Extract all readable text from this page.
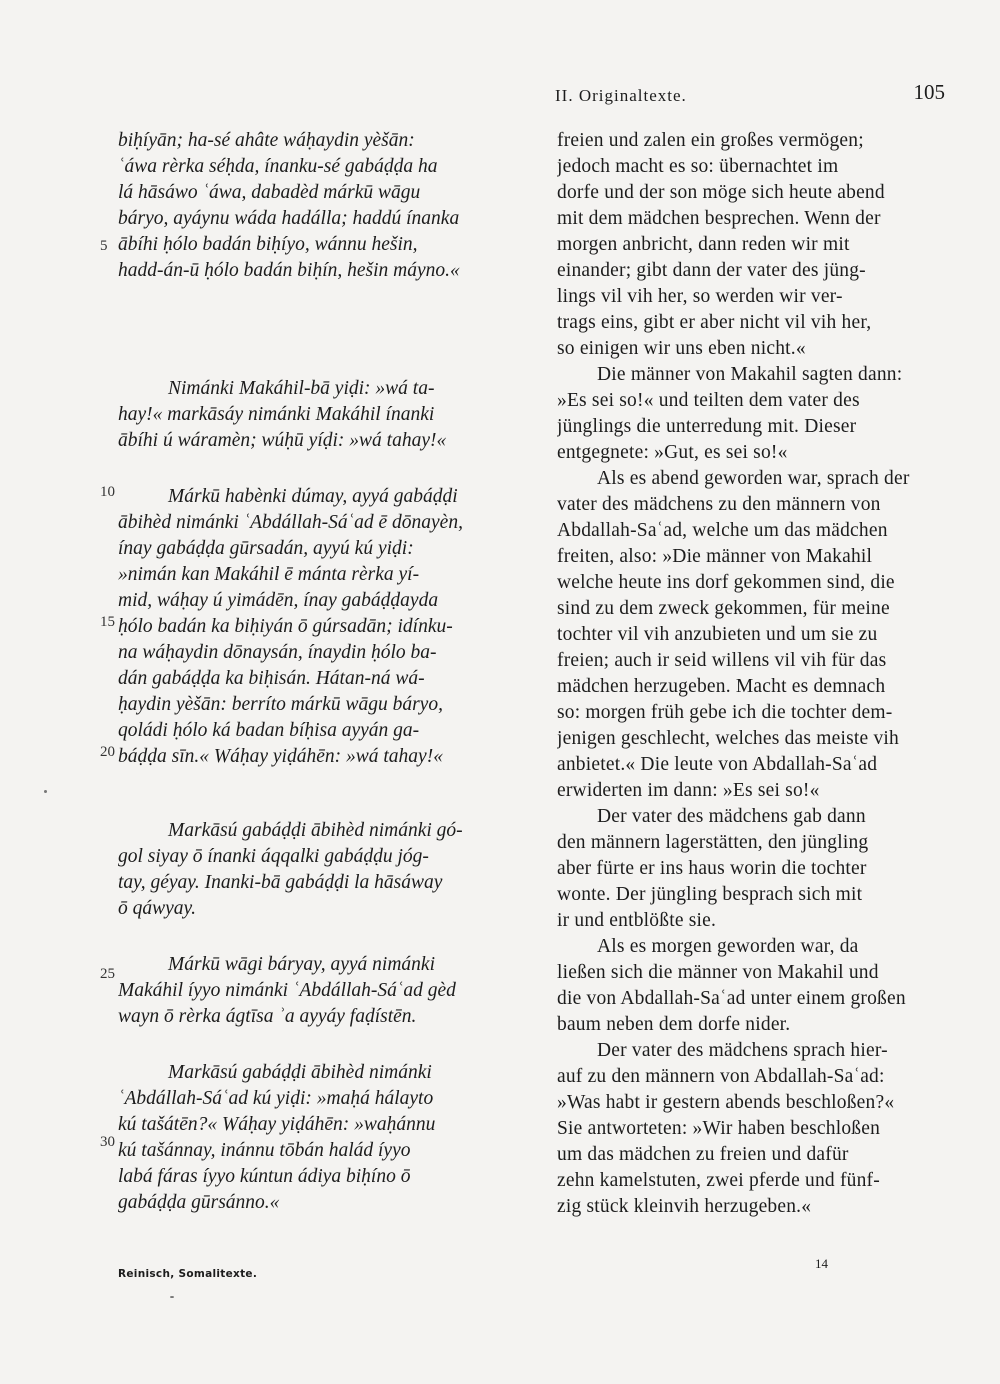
II. Originaltexte.	105
5
10
15
20
25
30
biḥíyān; ha-sé ahâte wáḥaydin yèšān:
ʿáwa rèrka séḥda, ínanku-sé gabáḍḍa ha
lá hāsáwo ʿáwa, dabadèd márkū wāgu
báryo, ayáynu wáda hadálla; haddú ínanka
ābíhi ḥólo badán biḥíyo, wánnu hešin,
hadd-án-ū ḥólo badán biḥín, hešin máyno.«
Nimánki Makáhil-bā yiḍi: »wá ta-
hay!« markāsáy nimánki Makáhil ínanki
ābíhi ú wáramèn; wúḥū yíḍi: »wá tahay!«
Márkū habènki dúmay, ayyá gabáḍḍi
ābihèd nimánki ʿAbdállah-Sáʿad ē dōnayèn,
ínay gabáḍḍa gūrsadán, ayyú kú yiḍi:
»nimán kan Makáhil ē mánta rèrka yí-
mid, wáḥay ú yimádēn, ínay gabáḍḍayda
ḥólo badán ka biḥiyán ō gúrsadān; idínku-
na wáḥaydin dōnaysán, ínaydin ḥólo ba-
dán gabáḍḍa ka biḥisán. Hátan-ná wá-
ḥaydin yèšān: berríto márkū wāgu báryo,
qoládi ḥólo ká badan bíḥisa ayyán ga-
báḍḍa sīn.« Wáḥay yiḍáhēn: »wá tahay!«
Markāsú gabáḍḍi ābihèd nimánki gó-
gol siyay ō ínanki áqqalki gabáḍḍu jóg-
tay, géyay. Inanki-bā gabáḍḍi la hāsáway
ō qáwyay.
Márkū wāgi báryay, ayyá nimánki
Makáhil íyyo nimánki ʿAbdállah-Sáʿad gèd
wayn ō rèrka ágtīsa ʾa ayyáy faḍístēn.
Markāsú gabáḍḍi ābihèd nimánki
ʿAbdállah-Sáʿad kú yiḍi: »maḥá hálayto
kú tašátēn?« Wáḥay yiḍáhēn: »waḥánnu
kú tašánnay, inánnu tōbán halád íyyo
labá fáras íyyo kúntun ádiya biḥíno ō
gabáḍḍa gūrsánno.«
freien und zalen ein großes vermögen;
jedoch macht es so: übernachtet im
dorfe und der son möge sich heute abend
mit dem mädchen besprechen. Wenn der
morgen anbricht, dann reden wir mit
einander; gibt dann der vater des jüng-
lings vil vih her, so werden wir ver-
trags eins, gibt er aber nicht vil vih her,
so einigen wir uns eben nicht.«
Die männer von Makahil sagten dann:
»Es sei so!« und teilten dem vater des
jünglings die unterredung mit. Dieser
entgegnete: »Gut, es sei so!«
Als es abend geworden war, sprach der
vater des mädchens zu den männern von
Abdallah-Saʿad, welche um das mädchen
freiten, also: »Die männer von Makahil
welche heute ins dorf gekommen sind, die
sind zu dem zweck gekommen, für meine
tochter vil vih anzubieten und um sie zu
freien; auch ir seid willens vil vih für das
mädchen herzugeben. Macht es demnach
so: morgen früh gebe ich die tochter dem-
jenigen geschlecht, welches das meiste vih
anbietet.« Die leute von Abdallah-Saʿad
erwiderten im dann: »Es sei so!«
Der vater des mädchens gab dann
den männern lagerstätten, den jüngling
aber fürte er ins haus worin die tochter
wonte. Der jüngling besprach sich mit
ir und entblößte sie.
Als es morgen geworden war, da
ließen sich die männer von Makahil und
die von Abdallah-Saʿad unter einem großen
baum neben dem dorfe nider.
Der vater des mädchens sprach hier-
auf zu den männern von Abdallah-Saʿad:
»Was habt ir gestern abends beschloßen?«
Sie antworteten: »Wir haben beschloßen
um das mädchen zu freien und dafür
zehn kamelstuten, zwei pferde und fünf-
zig stück kleinvih herzugeben.«
Reinisch, Somalitexte.
14
